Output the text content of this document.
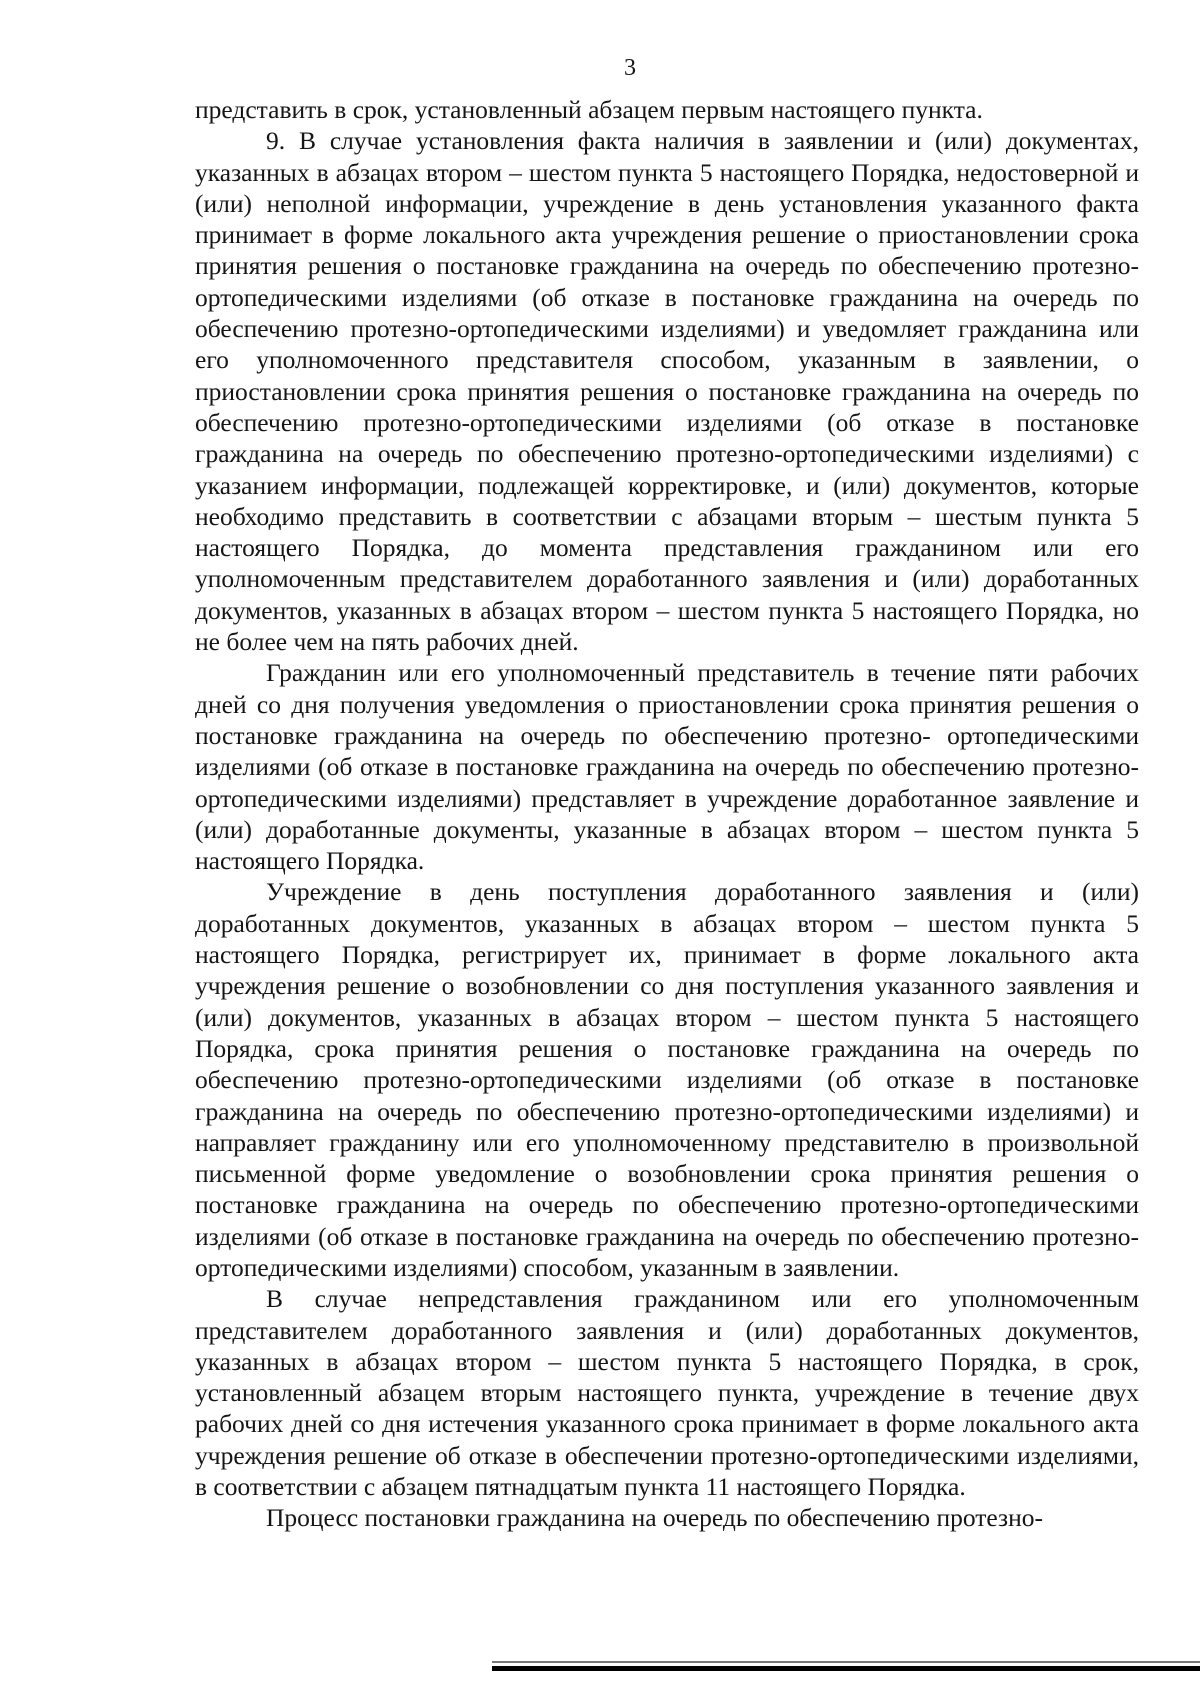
3

представить в срок, установленный абзацем первым настоящего пункта.

9. В случае установления факта наличия в заявлении и (или) документах, указанных в абзацах втором – шестом пункта 5 настоящего Порядка, недостоверной и (или) неполной информации, учреждение в день установления указанного факта принимает в форме локального акта учреждения решение о приостановлении срока принятия решения о постановке гражданина на очередь по обеспечению протезно-ортопедическими изделиями (об отказе в постановке гражданина на очередь по обеспечению протезно-ортопедическими изделиями) и уведомляет гражданина или его уполномоченного представителя способом, указанным в заявлении, о приостановлении срока принятия решения о постановке гражданина на очередь по обеспечению протезно-ортопедическими изделиями (об отказе в постановке гражданина на очередь по обеспечению протезно-ортопедическими изделиями) с указанием информации, подлежащей корректировке, и (или) документов, которые необходимо представить в соответствии с абзацами вторым – шестым пункта 5 настоящего Порядка, до момента представления гражданином или его уполномоченным представителем доработанного заявления и (или) доработанных документов, указанных в абзацах втором – шестом пункта 5 настоящего Порядка, но не более чем на пять рабочих дней.

Гражданин или его уполномоченный представитель в течение пяти рабочих дней со дня получения уведомления о приостановлении срока принятия решения о постановке гражданина на очередь по обеспечению протезно- ортопедическими изделиями (об отказе в постановке гражданина на очередь по обеспечению протезно-ортопедическими изделиями) представляет в учреждение доработанное заявление и (или) доработанные документы, указанные в абзацах втором – шестом пункта 5 настоящего Порядка.

Учреждение в день поступления доработанного заявления и (или) доработанных документов, указанных в абзацах втором – шестом пункта 5 настоящего Порядка, регистрирует их, принимает в форме локального акта учреждения решение о возобновлении со дня поступления указанного заявления и (или) документов, указанных в абзацах втором – шестом пункта 5 настоящего Порядка, срока принятия решения о постановке гражданина на очередь по обеспечению протезно-ортопедическими изделиями (об отказе в постановке гражданина на очередь по обеспечению протезно-ортопедическими изделиями) и направляет гражданину или его уполномоченному представителю в произвольной письменной форме уведомление о возобновлении срока принятия решения о постановке гражданина на очередь по обеспечению протезно-ортопедическими изделиями (об отказе в постановке гражданина на очередь по обеспечению протезно-ортопедическими изделиями) способом, указанным в заявлении.

В случае непредставления гражданином или его уполномоченным представителем доработанного заявления и (или) доработанных документов, указанных в абзацах втором – шестом пункта 5 настоящего Порядка, в срок, установленный абзацем вторым настоящего пункта, учреждение в течение двух рабочих дней со дня истечения указанного срока принимает в форме локального акта учреждения решение об отказе в обеспечении протезно-ортопедическими изделиями, в соответствии с абзацем пятнадцатым пункта 11 настоящего Порядка.

Процесс постановки гражданина на очередь по обеспечению протезно-
